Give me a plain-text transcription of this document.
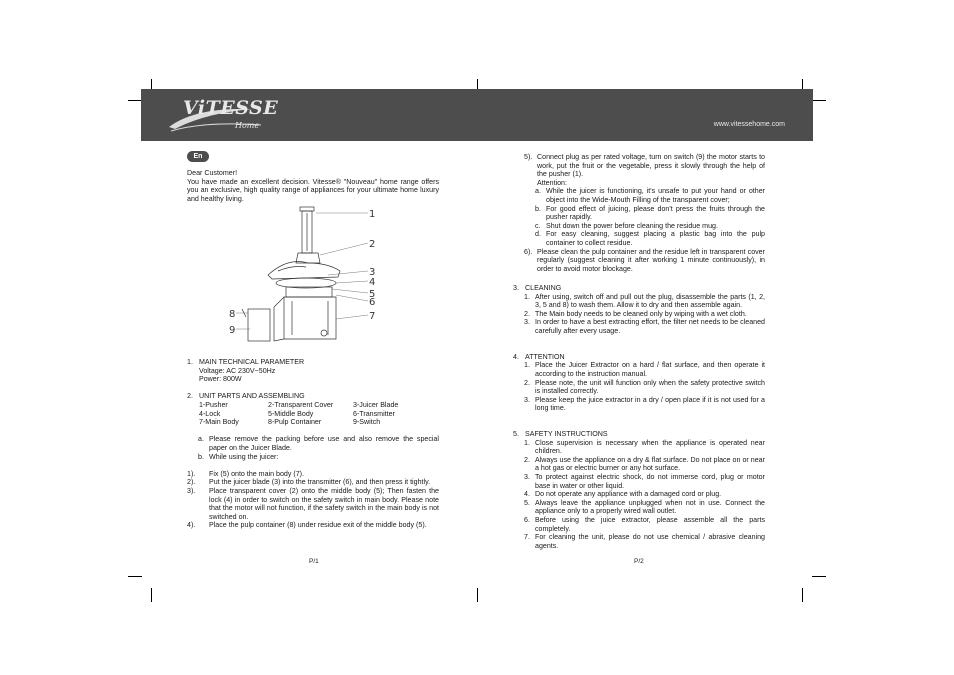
ViTESSE
Home	www.vitessehome.com
En

Dear Customer!

You have made an excellent decision. Vitesse® "Nouveau" home range offers you an exclusive, high quality range of appliances for your ultimate home luxury and healthy living.

1
2
3
4
5
6
7
8
9
1. MAIN TECHNICAL PARAMETER

Voltage: AC 230V~50Hz

Power: 800W

2. UNIT PARTS AND ASSEMBLING

1-Pusher	2-Transparent Cover	3-Juicer Blade
4-Lock	5-Middle Body	6-Transmitter
7-Main Body	8-Pulp Container	9-Switch
a. Please remove the packing before use and also remove the special paper on the Juicer Blade.

b. While using the juicer:

1). Fix (5) onto the main body (7).

2). Put the juicer blade (3) into the transmitter (6), and then press it tightly.

3). Place transparent cover (2) onto the middle body (5); Then fasten the lock (4) in order to switch on the safety switch in main body. Please note that the motor will not function, if the safety switch in the main body is not switched on.

4). Place the pulp container (8) under residue exit of the middle body (5).

P/1
5). Connect plug as per rated voltage, turn on switch (9) the motor starts to work, put the fruit or the vegetable, press it slowly through the help of the pusher (1).

Attention:

a. While the juicer is functioning, it's unsafe to put your hand or other object into the Wide-Mouth Filling of the transparent cover;

b. For good effect of juicing, please don't press the fruits through the pusher rapidly.

c. Shut down the power before cleaning the residue mug.

d. For easy cleaning, suggest placing a plastic bag into the pulp container to collect residue.

6). Please clean the pulp container and the residue left in transparent cover regularly (suggest cleaning it after working 1 minute continuously), in order to avoid motor blockage.

3. CLEANING

1. After using, switch off and pull out the plug, disassemble the parts (1, 2, 3, 5 and 8) to wash them. Allow it to dry and then assemble again.

2. The Main body needs to be cleaned only by wiping with a wet cloth.

3. In order to have a best extracting effort, the filter net needs to be cleaned carefully after every usage.

4. ATTENTION

1. Place the Juicer Extractor on a hard / flat surface, and then operate it according to the instruction manual.

2. Please note, the unit will function only when the safety protective switch is installed correctly.

3. Please keep the juice extractor in a dry / open place if it is not used for a long time.

5. SAFETY INSTRUCTIONS

1. Close supervision is necessary when the appliance is operated near children.

2. Always use the appliance on a dry & flat surface. Do not place on or near a hot gas or electric burner or any hot surface.

3. To protect against electric shock, do not immerse cord, plug or motor base in water or other liquid.

4. Do not operate any appliance with a damaged cord or plug.

5. Always leave the appliance unplugged when not in use. Connect the appliance only to a properly wired wall outlet.

6. Before using the juice extractor, please assemble all the parts completely.

7. For cleaning the unit, please do not use chemical / abrasive cleaning agents.

P/2
